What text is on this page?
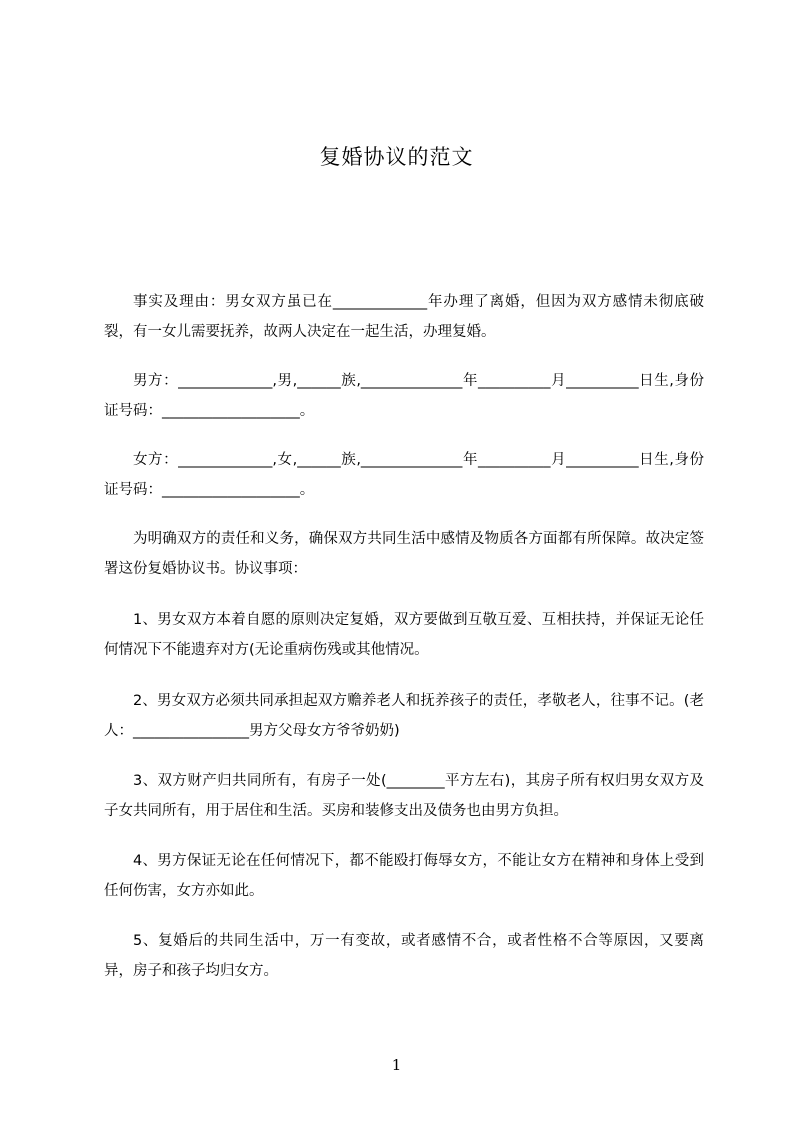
复婚协议的范文

事实及理由：男女双方虽已在_____________年办理了离婚，但因为双方感情未彻底破裂，有一女儿需要抚养，故两人决定在一起生活，办理复婚。

男方：_____________,男,______族,______________年__________月__________日生,身份证号码：___________________。

女方：_____________,女,______族,______________年__________月__________日生,身份证号码：___________________。

为明确双方的责任和义务，确保双方共同生活中感情及物质各方面都有所保障。故决定签署这份复婚协议书。协议事项：

1、男女双方本着自愿的原则决定复婚，双方要做到互敬互爱、互相扶持，并保证无论任何情况下不能遗弃对方(无论重病伤残或其他情况。

2、男女双方必须共同承担起双方赡养老人和抚养孩子的责任，孝敬老人，往事不记。(老人：________________男方父母女方爷爷奶奶)

3、双方财产归共同所有，有房子一处(________平方左右)，其房子所有权归男女双方及子女共同所有，用于居住和生活。买房和装修支出及债务也由男方负担。

4、男方保证无论在任何情况下，都不能殴打侮辱女方，不能让女方在精神和身体上受到任何伤害，女方亦如此。

5、复婚后的共同生活中，万一有变故，或者感情不合，或者性格不合等原因，又要离异，房子和孩子均归女方。

1
